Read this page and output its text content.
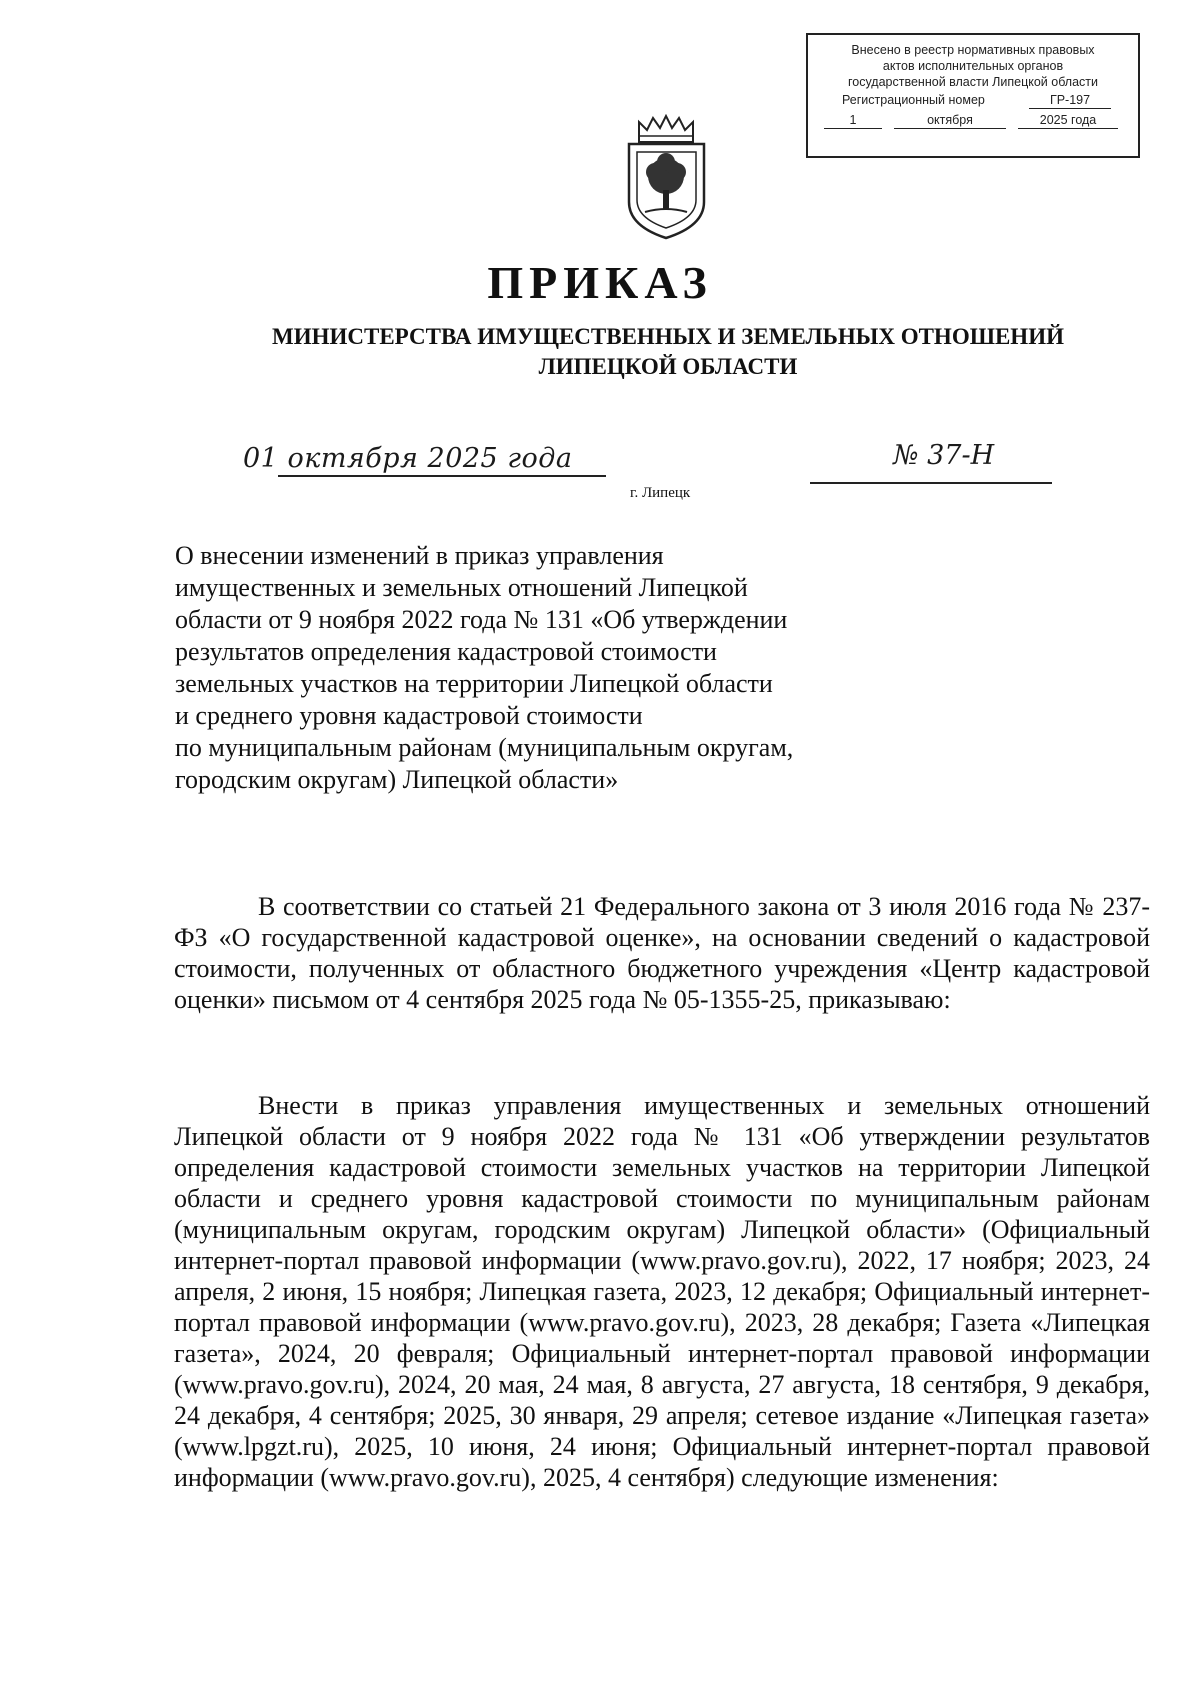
Внесено в реестр нормативных правовых
актов исполнительных органов
государственной власти Липецкой области
Регистрационный номер	ГР-197
1	октября	2025 года
ПРИКАЗ
МИНИСТЕРСТВА ИМУЩЕСТВЕННЫХ И ЗЕМЕЛЬНЫХ ОТНОШЕНИЙ
ЛИПЕЦКОЙ ОБЛАСТИ
01 октября 2025 года	№ 37-Н
г. Липецк
О внесении изменений в приказ управления
имущественных и земельных отношений Липецкой
области от 9 ноября 2022 года № 131 «Об утверждении
результатов определения кадастровой стоимости
земельных участков на территории Липецкой области
и среднего уровня кадастровой стоимости
по муниципальным районам (муниципальным округам,
городским округам) Липецкой области»

В соответствии со статьей 21 Федерального закона от 3 июля 2016 года № 237-ФЗ «О государственной кадастровой оценке», на основании сведений о кадастровой стоимости, полученных от областного бюджетного учреждения «Центр кадастровой оценки» письмом от 4 сентября 2025 года № 05-1355-25, приказываю:

Внести в приказ управления имущественных и земельных отношений Липецкой области от 9 ноября 2022 года № 131 «Об утверждении результатов определения кадастровой стоимости земельных участков на территории Липецкой области и среднего уровня кадастровой стоимости по муниципальным районам (муниципальным округам, городским округам) Липецкой области» (Официальный интернет-портал правовой информации (www.pravo.gov.ru), 2022, 17 ноября; 2023, 24 апреля, 2 июня, 15 ноября; Липецкая газета, 2023, 12 декабря; Официальный интернет-портал правовой информации (www.pravo.gov.ru), 2023, 28 декабря; Газета «Липецкая газета», 2024, 20 февраля; Официальный интернет-портал правовой информации (www.pravo.gov.ru), 2024, 20 мая, 24 мая, 8 августа, 27 августа, 18 сентября, 9 декабря, 24 декабря, 4 сентября; 2025, 30 января, 29 апреля; сетевое издание «Липецкая газета» (www.lpgzt.ru), 2025, 10 июня, 24 июня; Официальный интернет-портал правовой информации (www.pravo.gov.ru), 2025, 4 сентября) следующие изменения:
